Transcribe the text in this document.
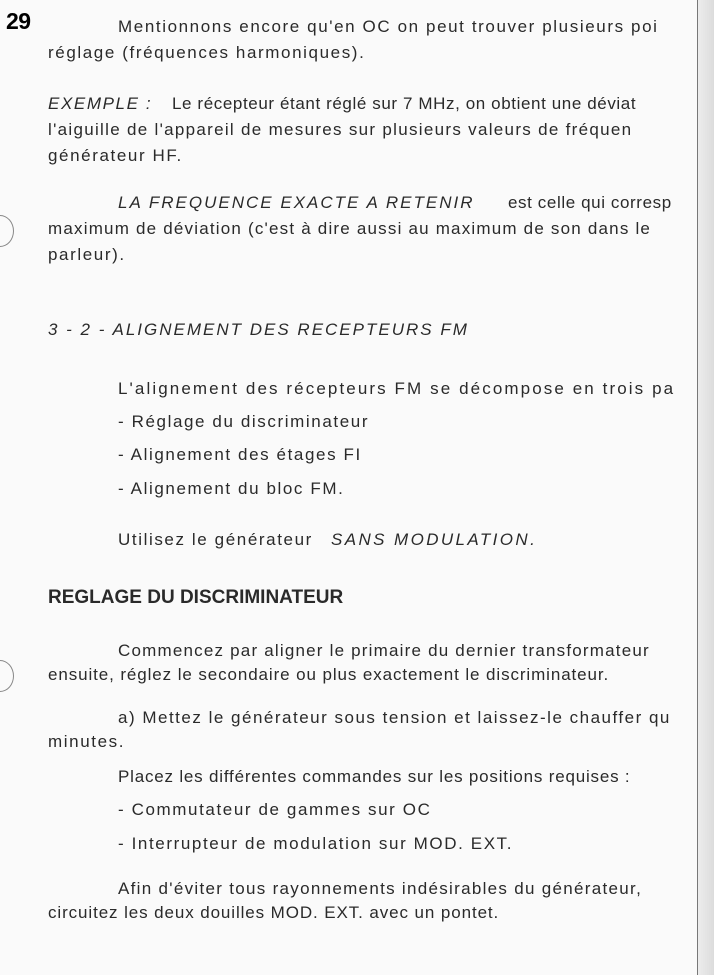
29	Mentionnons encore qu'en OC on peut trouver plusieurs poi
réglage (fréquences harmoniques).
EXEMPLE : Le récepteur étant réglé sur 7 MHz, on obtient une déviat
l'aiguille de l'appareil de mesures sur plusieurs valeurs de fréquen
générateur HF.
LA FREQUENCE EXACTE A RETENIR est celle qui corresp
maximum de déviation (c'est à dire aussi au maximum de son dans le
parleur).
3 - 2 - ALIGNEMENT DES RECEPTEURS FM
L'alignement des récepteurs FM se décompose en trois pa
- Réglage du discriminateur
- Alignement des étages FI
- Alignement du bloc FM.
Utilisez le générateur SANS MODULATION.
REGLAGE DU DISCRIMINATEUR
Commencez par aligner le primaire du dernier transformateur
ensuite, réglez le secondaire ou plus exactement le discriminateur.
a) Mettez le générateur sous tension et laissez-le chauffer qu
minutes.
Placez les différentes commandes sur les positions requises :
- Commutateur de gammes sur OC
- Interrupteur de modulation sur MOD. EXT.
Afin d'éviter tous rayonnements indésirables du générateur,
circuitez les deux douilles MOD. EXT. avec un pontet.
